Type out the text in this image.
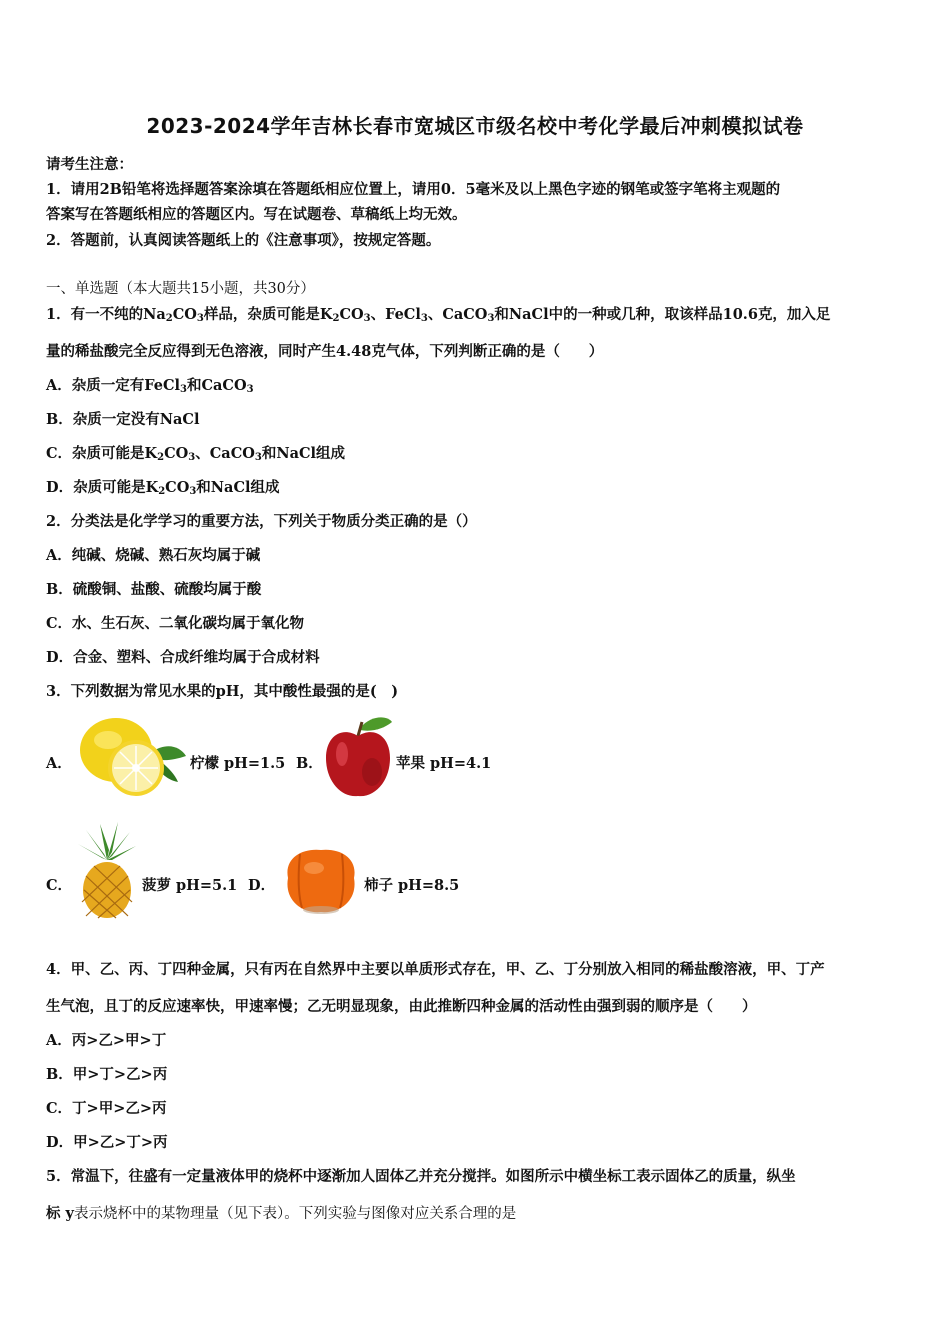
2023-2024学年吉林长春市宽城区市级名校中考化学最后冲刺模拟试卷
请考生注意：
1．请用2B铅笔将选择题答案涂填在答题纸相应位置上，请用0．5毫米及以上黑色字迹的钢笔或签字笔将主观题的
答案写在答题纸相应的答题区内。写在试题卷、草稿纸上均无效。
2．答题前，认真阅读答题纸上的《注意事项》，按规定答题。
一、单选题（本大题共15小题，共30分）
1．有一不纯的$Na_2CO_3$样品，杂质可能是$K_2CO_3$、FeCl$_3$、CaCO$_3$和NaCl中的一种或几种，取该样品10.6克，加入足
量的稀盐酸完全反应得到无色溶液，同时产生4.48克气体，下列判断正确的是（　　）
A．杂质一定有FeCl$_3$和CaCO$_3$
B．杂质一定没有NaCl
C．杂质可能是$K_2CO_3$、CaCO$_3$和NaCl组成
D．杂质可能是$K_2CO_3$和NaCl组成
2．分类法是化学学习的重要方法，下列关于物质分类正确的是（）
A．纯碱、烧碱、熟石灰均属于碱
B．硫酸铜、盐酸、硫酸均属于酸
C．水、生石灰、二氧化碳均属于氧化物
D．合金、塑料、合成纤维均属于合成材料
3．下列数据为常见水果的pH，其中酸性最强的是(　)
A．	柠檬 pH=1.5 B．	苹果 pH=4.1
C．	菠萝 pH=5.1 D．	柿子 pH=8.5
4．甲、乙、丙、丁四种金属，只有丙在自然界中主要以单质形式存在，甲、乙、丁分别放入相同的稀盐酸溶液，甲、丁产
生气泡，且丁的反应速率快，甲速率慢；乙无明显现象，由此推断四种金属的活动性由强到弱的顺序是（　　）
A．丙>乙>甲>丁
B．甲>丁>乙>丙
C．丁>甲>乙>丙
D．甲>乙>丁>丙
5．常温下，往盛有一定量液体甲的烧杯中逐渐加人固体乙并充分搅拌。如图所示中横坐标工表示固体乙的质量，纵坐
标 y表示烧杯中的某物理量（见下表）。下列实验与图像对应关系合理的是
